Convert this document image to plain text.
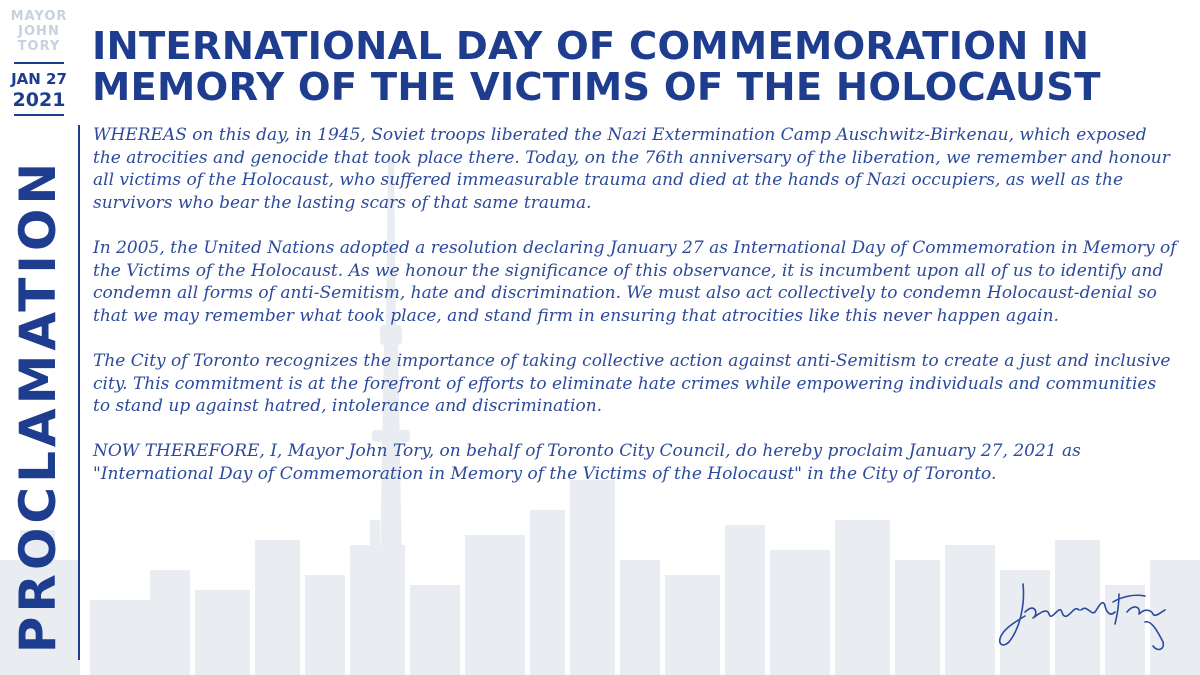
MAYOR
JOHN
TORY
JAN 27
2021
PROCLAMATION
INTERNATIONAL DAY OF COMMEMORATION IN
MEMORY OF THE VICTIMS OF THE HOLOCAUST

WHEREAS on this day, in 1945, Soviet troops liberated the Nazi Extermination Camp Auschwitz-Birkenau, which exposed the atrocities and genocide that took place there. Today, on the 76th anniversary of the liberation, we remember and honour all victims of the Holocaust, who suffered immeasurable trauma and died at the hands of Nazi occupiers, as well as the survivors who bear the lasting scars of that same trauma.

In 2005, the United Nations adopted a resolution declaring January 27 as International Day of Commemoration in Memory of the Victims of the Holocaust. As we honour the significance of this observance, it is incumbent upon all of us to identify and condemn all forms of anti-Semitism, hate and discrimination. We must also act collectively to condemn Holocaust-denial so that we may remember what took place, and stand firm in ensuring that atrocities like this never happen again.

The City of Toronto recognizes the importance of taking collective action against anti-Semitism to create a just and inclusive city. This commitment is at the forefront of efforts to eliminate hate crimes while empowering individuals and communities to stand up against hatred, intolerance and discrimination.

NOW THEREFORE, I, Mayor John Tory, on behalf of Toronto City Council, do hereby proclaim January 27, 2021 as "International Day of Commemoration in Memory of the Victims of the Holocaust" in the City of Toronto.
